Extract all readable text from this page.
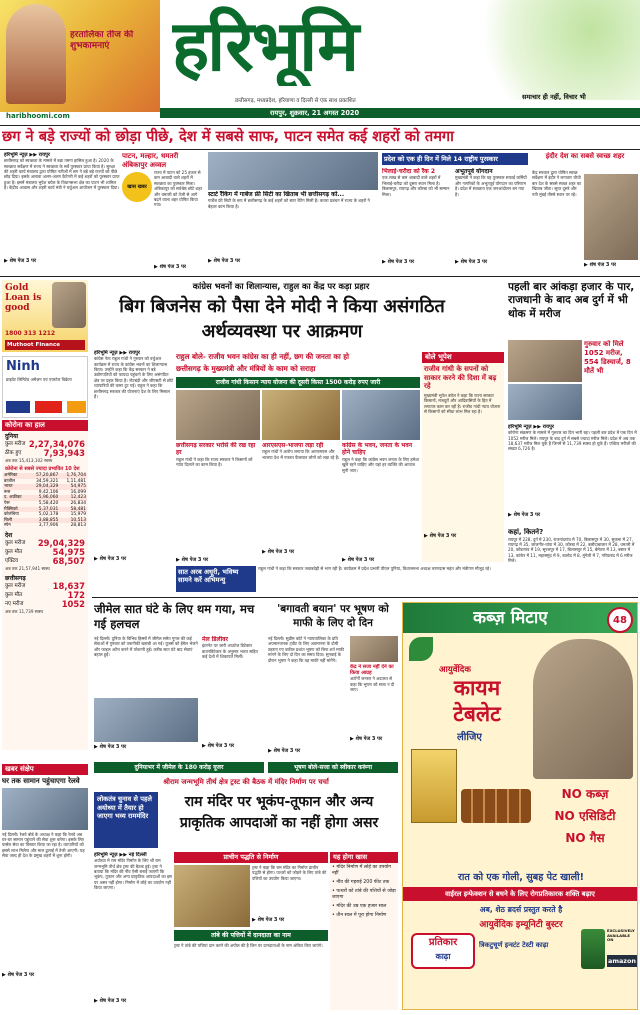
हरतालिका तीज की शुभकामनाएं
haribhoomi.com
हरिभूमि
छत्तीसगढ़, मध्यप्रदेश, हरियाणा व दिल्ली से एक साथ प्रकाशित	समाचार ही नहीं, विचार भी
रायपुर, शुक्रवार, 21 अगस्त 2020
छग ने बड़े राज्यों को छोड़ा पीछे, देश में सबसे साफ, पाटन समेत कई शहरों को तमगा
हरिभूमि न्यूज़ ▶▶ रायपुर
छत्तीसगढ़ को स्वच्छता के मामले में बड़ा तमगा हासिल हुआ है। 2020 के स्वच्छता सर्वेक्षण में राज्य ने स्वच्छता के सर्वे पुरस्कार प्राप्त किया है। सुरक्षा की शहरी कार्य मंत्रालय द्वारा घोषित नतीजों में छग ने बड़े बड़े राज्यों को पीछे छोड़ दिया। इसके अलावा अलग-अलग कैटेगरी में कई शहरों को पुरस्कार प्राप्त हुआ है। इसमें मंत्रालय भूपेश बघेल के विधानसभा क्षेत्र का पाटन भी शामिल है। केंद्रीय आवास और शहरी कार्य मंत्री ने वर्चुअल आयोजन में पुरस्कार दिया।
▶ शेष पेज 3 पर
पाटन, मल्हार, धमतरी अंबिकापुर अव्वल
खास खबर
राज्य में पाटन को 25 हजार से कम आबादी वाले शहरों में स्वच्छता का पुरस्कार मिला। अंबिकापुर को सर्वश्रेष्ठ छोटे शहर और धमतरी को तेजी से आगे बढ़ने वाला शहर घोषित किया गया।
▶ शेष पेज 3 पर
स्टार्ट रैंकिंग में गार्बेज फ्री सिटी का खिताब भी छत्तीसगढ़ को...
गार्बेज फ्री सिटी के रूप में छत्तीसगढ़ के कई शहरों को स्टार रेटिंग मिली है। कचरा प्रबंधन में राज्य के शहरों ने बेहतर काम किया है।
▶ शेष पेज 3 पर
प्रदेश को एक ही दिन में मिले 14 राष्ट्रीय पुरस्कार
भिलाई-चरौदा को रैंक 2
एक लाख से कम आबादी वाले शहरों में भिलाई-चरौदा को दूसरा स्थान मिला है। बिलासपुर, रायगढ़ और कोरबा को भी सम्मान मिला।
▶ शेष पेज 3 पर
अभूतपूर्व योगदान
मुख्यमंत्री ने कहा कि यह पुरस्कार सफाई कर्मियों और नागरिकों के अभूतपूर्व योगदान का परिणाम है। प्रदेश में स्वच्छता एक जनआंदोलन बन गया है।
▶ शेष पेज 3 पर
इंदौर देश का सबसे स्वच्छ शहर
केंद्र सरकार द्वारा घोषित स्वच्छ सर्वेक्षण में इंदौर ने लगातार चौथी बार देश के सबसे स्वच्छ शहर का खिताब जीता। सूरत दूसरे और नवी मुंबई तीसरे स्थान पर रहे।
▶ शेष पेज 3 पर
Gold Loan is good
1800 313 1212
Muthoot Finance
Ninh
प्राइवेट लिमिटेड अमेज़न एवं एयरटेल विक्रेता
कोरोना का हाल
दुनिया
कुल मरीज 2,27,34,076
ठीक हुए	7,93,943
अब तक 15,413,102 स्वस्थ
कोरोना से सबसे ज्यादा प्रभावित 10 देश
अमेरिका	57,20,867	1,76,704
ब्राजील	34,59,321	1,11,481
भारत	29,04,329	54,975
रूस	9,42,106	16,099
द. अफ्रीका	5,96,060	12,423
पेरू	5,58,420	26,834
मैक्सिको	5,37,031	58,481
कोलंबिया	5,02,178	15,979
चिली	3,88,855	10,513
स्पेन	3,77,906	28,813
देश
कुल मरीज 29,04,329
कुल मौत	54,975
एक्टिव	68,507
अब तक 21,57,941 स्वस्थ
छत्तीसगढ़
कुल मरीज	18,637
कुल मौत	172
नए मरीज	1052
अब तक 11,739 स्वस्थ
खबर संक्षेप
घर तक सामान पहुंचाएगा रेलवे
नई दिल्ली। रेलवे बोर्ड के अध्यक्ष ने कहा कि रेलवे अब घर-घर सामान पहुंचाने की सेवा शुरू करेगा। इसके लिए पार्सल सेवा का विस्तार किया जा रहा है। व्यापारियों को इससे लाभ मिलेगा और माल ढुलाई में तेजी आएगी। यह सेवा जल्द ही देश के प्रमुख शहरों में शुरू होगी।
▶ शेष पेज 3 पर
कांग्रेस भवनों का शिलान्यास, राहुल का केंद्र पर कड़ा प्रहार
बिग बिजनेस को पैसा देने मोदी ने किया असंगठित अर्थव्यवस्था पर आक्रमण
हरिभूमि न्यूज़ ▶▶ रायपुर
कांग्रेस नेता राहुल गांधी ने गुरुवार को वर्चुअल कार्यक्रम में राज्य के कांग्रेस भवनों का शिलान्यास किया। उन्होंने कहा कि केंद्र सरकार ने बड़े उद्योगपतियों को फायदा पहुंचाने के लिए असंगठित क्षेत्र पर प्रहार किया है। नोटबंदी और जीएसटी से छोटे व्यापारियों की कमर टूट गई। राहुल ने कहा कि छत्तीसगढ़ सरकार की योजनाएं देश के लिए मिसाल हैं।
▶ शेष पेज 3 पर
राहुल बोले- राजीव भवन कांग्रेस का ही नहीं, छग की जनता का हो
छत्तीसगढ़ के मुख्यमंत्री और मंत्रियों के काम को सराहा
राजीव गांधी किसान न्याय योजना की दूसरी किस्त 1500 करोड़ रुपए जारी
छत्तीसगढ़ सरकार भरोसे की रख रहा हर
राहुल गांधी ने कहा कि राज्य सरकार ने किसानों को न्याय दिलाने का काम किया है।
▶ शेष पेज 3 पर
आरएसएस-भाजपा लड़ा रही
राहुल गांधी ने आरोप लगाया कि आरएसएस और भाजपा देश में नफरत फैलाकर लोगों को लड़ा रहे हैं।
▶ शेष पेज 3 पर
कांग्रेस के भवन, जनता के भवन होने चाहिए
राहुल ने कहा कि कांग्रेस भवन जनता के लिए हमेशा खुले रहने चाहिए और यहां हर व्यक्ति की आवाज सुनी जाए।
▶ शेष पेज 3 पर
बोले भूपेश
राजीव गांधी के सपनों को साकार करने की दिशा में बढ़ रहे
मुख्यमंत्री भूपेश बघेल ने कहा कि राज्य सरकार किसानों, मजदूरों और आदिवासियों के हित में लगातार काम कर रही है। राजीव गांधी न्याय योजना से किसानों को सीधा लाभ मिल रहा है।
▶ शेष पेज 3 पर
सात अरब अधूरी, भविष्य सामने करें अभिमन्यु
राहुल गांधी ने कहा कि सरकार जवाबदेही से भाग रही है। कार्यक्रम में प्रदेश प्रभारी पीएल पुनिया, विधानसभा अध्यक्ष चरणदास महंत और मंत्रीगण मौजूद रहे।
पहली बार आंकड़ा हजार के पार, राजधानी के बाद अब दुर्ग में भी थोक में मरीज
गुरुवार को मिले 1052 मरीज, 554 डिस्चार्ज, 8 मौतें भी
हरिभूमि न्यूज़ ▶▶ रायपुर
कोरोना संक्रमण के मामले में गुरुवार का दिन भारी रहा। पहली बार प्रदेश में एक दिन में 1052 मरीज मिले। रायपुर के बाद दुर्ग में सबसे ज्यादा मरीज मिले। प्रदेश में अब तक 18,637 मरीज मिल चुके हैं जिनमें से 11,739 स्वस्थ हो चुके हैं। एक्टिव मरीजों की संख्या 6,726 है।
▶ शेष पेज 3 पर
कहां, कितने?
रायपुर में 228, दुर्ग में 230, राजनांदगांव में 70, बिलासपुर में 30, सुकमा में 27, रायगढ़ में 35, जांजगीर-चांपा में 30, कोरबा में 22, बलौदाबाजार में 28, धमतरी में 20, कोंडागांव में 19, सूरजपुर में 17, बिलासपुर में 15, बेमेतरा में 13, बस्तर में 13, कांकेर में 11, महासमुंद में 9, बालोद में 8, मुंगेली में 7, गरियाबंद में 6 मरीज मिले।
जीमेल सात घंटे के लिए थम गया, मच गई हलचल
नई दिल्ली। दुनिया के विभिन्न हिस्सों में जीमेल समेत गूगल की कई सेवाओं में गुरुवार को तकनीकी खराबी आ गई। यूजर्स को ईमेल भेजने और फाइल अटैच करने में परेशानी हुई। करीब सात घंटे बाद सेवाएं बहाल हुईं।
▶ शेष पेज 3 पर
मेल डिलीवर
इंटरनेट पर जारी आउटेज डिटेक्टर डाउनडिटेक्टर के अनुसार भारत सहित कई देशों में शिकायतें मिलीं।
▶ शेष पेज 3 पर
दुनियाभर में जीमेल के 180 करोड़ यूजर
'बगावती बयान' पर भूषण को माफी के लिए दो दिन
नई दिल्ली। सुप्रीम कोर्ट ने न्यायपालिका के प्रति अपमानजनक ट्वीट के लिए अवमानना के दोषी ठहराए गए वकील प्रशांत भूषण को बिना शर्त माफी मांगने के लिए दो दिन का समय दिया। सुनवाई के दौरान भूषण ने कहा कि वह माफी नहीं मांगेंगे।
▶ शेष पेज 3 पर
केंद्र ने सजा नहीं देने का किया आग्रह
अटॉर्नी जनरल ने अदालत से कहा कि भूषण को सजा न दी जाए।
▶ शेष पेज 3 पर
भूषण बोले-सजा को स्वीकार करूंगा
श्रीराम जन्मभूमि तीर्थ क्षेत्र ट्रस्ट की बैठक में मंदिर निर्माण पर चर्चा
लोकतंत्र चुनाव से पहले अयोध्या में तैयार हो जाएगा भव्य राममंदिर
राम मंदिर पर भूकंप-तूफान और अन्य प्राकृतिक आपदाओं का नहीं होगा असर
हरिभूमि न्यूज़ ▶▶ नई दिल्ली
अयोध्या में राम मंदिर निर्माण के लिए श्री राम जन्मभूमि तीर्थ क्षेत्र ट्रस्ट की बैठक हुई। ट्रस्ट ने बताया कि मंदिर की नींव ऐसी बनाई जाएगी कि भूकंप, तूफान और अन्य प्राकृतिक आपदाओं का इस पर असर नहीं होगा। निर्माण में लोहे का उपयोग नहीं किया जाएगा।
▶ शेष पेज 3 पर
प्राचीन पद्धति से निर्माण
ट्रस्ट ने कहा कि राम मंदिर का निर्माण प्राचीन पद्धति से होगा। पत्थरों को जोड़ने के लिए तांबे की पत्तियों का उपयोग किया जाएगा।
▶ शेष पेज 3 पर
तांबे की पत्तियों में दानदाता का नाम
ट्रस्ट ने तांबे की पत्तियां दान करने की अपील की है जिन पर दानदाताओं के नाम अंकित किए जाएंगे।
यह होगा खास
• मंदिर निर्माण में लोहे का उपयोग नहीं
• नींव की गहराई 200 फीट तक
• पत्थरों को तांबे की पत्तियों से जोड़ा जाएगा
• मंदिर की उम्र एक हजार साल
• तीन साल में पूरा होगा निर्माण
कब्ज़ मिटाए	48
आयुर्वेदिक
कायम टेबलेट
लीजिए
NO कब्ज़
NO एसिडिटी
NO गैस
रात को एक गोली, सुबह पेट खाली!
वाईरल इन्फेक्शन से बचने के लिए रोगप्रतिकारक शक्ति बढ़ाए
अब, शेठ ब्रदर्स प्रस्तुत करते है
आयुर्वेदिक इम्यूनिटी बुस्टर
प्रतिकार
काढ़ा
त्रिकटुचूर्ण इन्स्टंट टेस्टी काढ़ा
EXCLUSIVELY AVAILABLE ON
amazon
